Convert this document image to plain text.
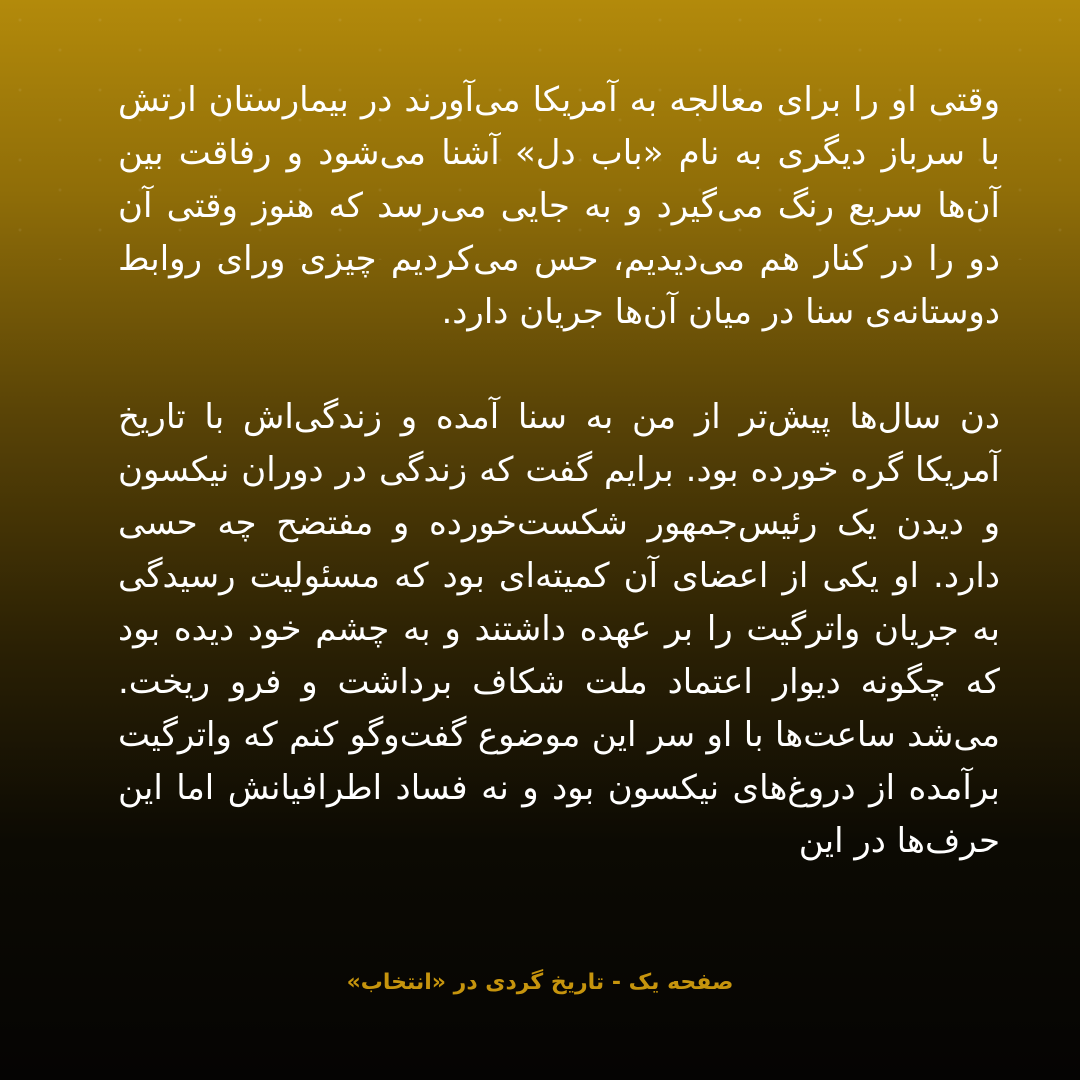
وقتی او را برای معالجه به آمریکا می‌آورند در بیمارستان ارتش با سرباز دیگری به نام «باب دل» آشنا می‌شود و رفاقت بین آن‌ها سریع رنگ می‌گیرد و به جایی می‌رسد که هنوز وقتی آن دو را در کنار هم می‌دیدیم، حس می‌کردیم چیزی ورای روابط دوستانه‌ی سنا در میان آن‌ها جریان دارد.

دن سال‌ها پیش‌تر از من به سنا آمده و زندگی‌اش با تاریخ آمریکا گره خورده بود. برایم گفت که زندگی در دوران نیکسون و دیدن یک رئیس‌جمهور شکست‌خورده و مفتضح چه حسی دارد. او یکی از اعضای آن کمیته‌ای بود که مسئولیت رسیدگی به جریان واترگیت را بر عهده داشتند و به چشم خود دیده بود که چگونه دیوار اعتماد ملت شکاف برداشت و فرو ریخت. می‌شد ساعت‌ها با او سر این موضوع گفت‌وگو کنم که واترگیت برآمده از دروغ‌های نیکسون بود و نه فساد اطرافیانش اما این حرف‌ها در این

صفحه یک - تاریخ گردی در «انتخاب»
